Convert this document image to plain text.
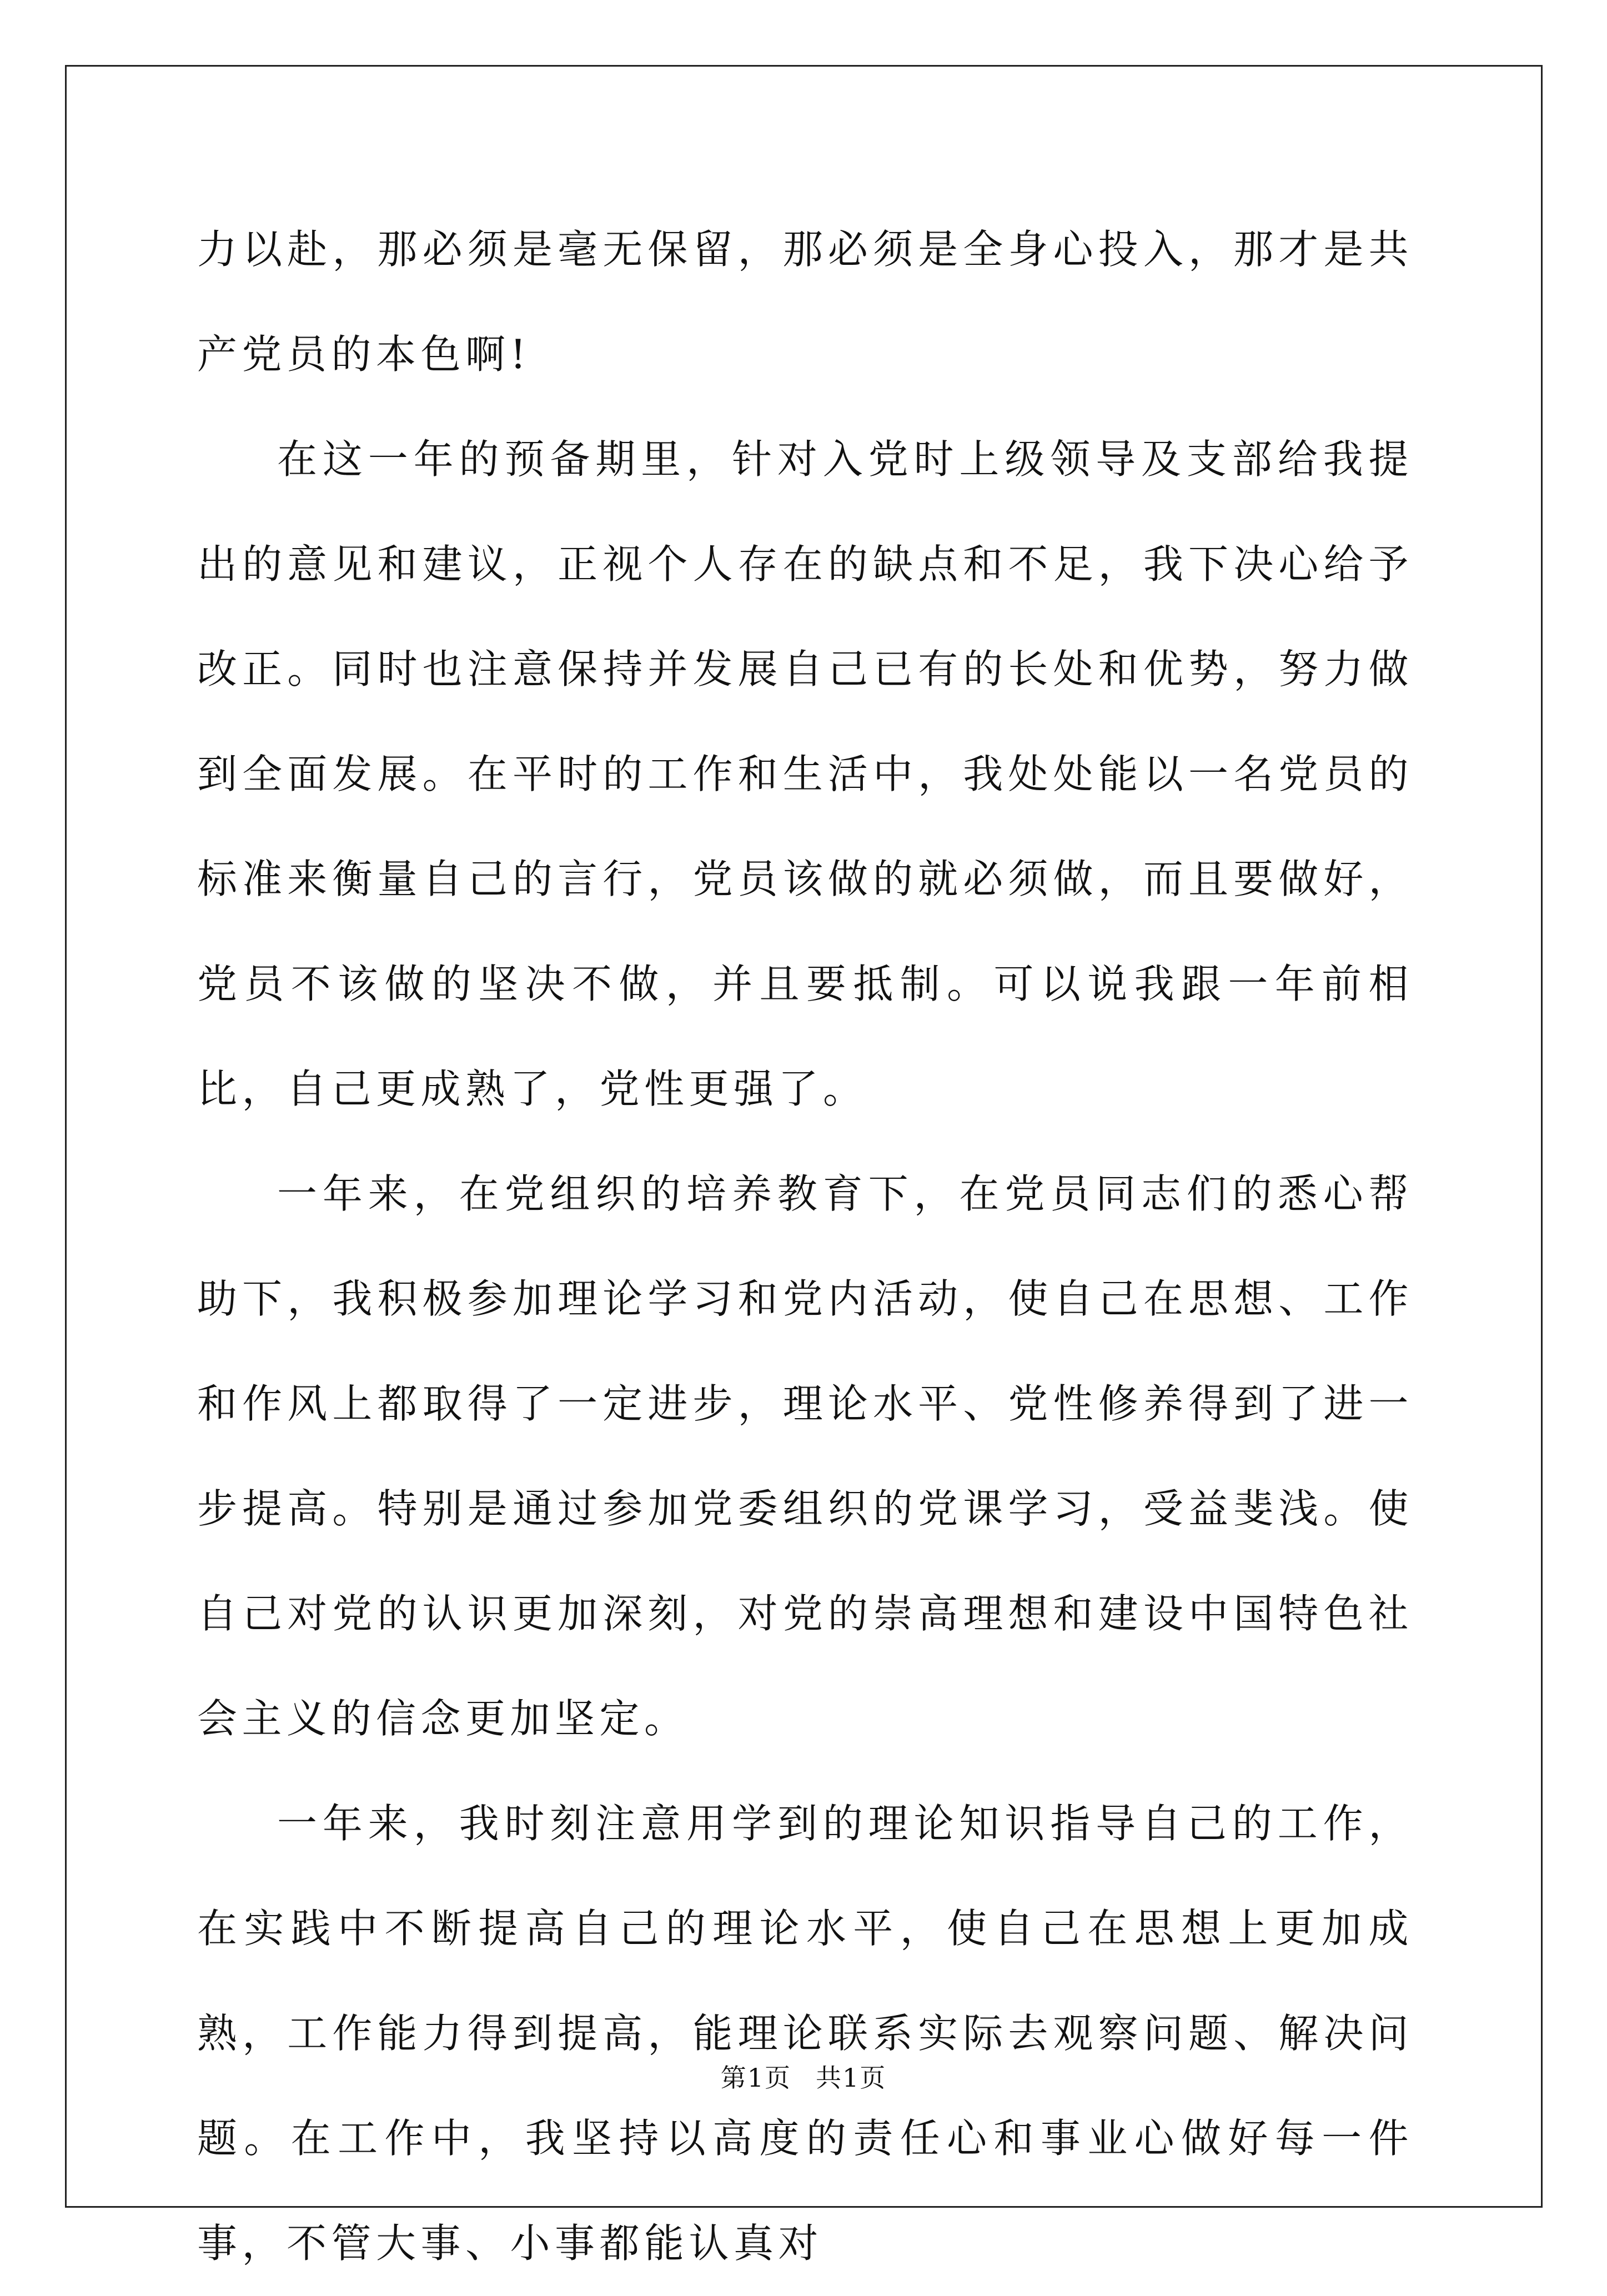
力以赴，那必须是毫无保留，那必须是全身心投入，那才是共产党员的本色啊!

在这一年的预备期里，针对入党时上级领导及支部给我提出的意见和建议，正视个人存在的缺点和不足，我下决心给予改正。同时也注意保持并发展自己已有的长处和优势，努力做到全面发展。在平时的工作和生活中，我处处能以一名党员的标准来衡量自己的言行，党员该做的就必须做，而且要做好，党员不该做的坚决不做，并且要抵制。可以说我跟一年前相比，自己更成熟了，党性更强了。

一年来，在党组织的培养教育下，在党员同志们的悉心帮助下，我积极参加理论学习和党内活动，使自己在思想、工作和作风上都取得了一定进步，理论水平、党性修养得到了进一步提高。特别是通过参加党委组织的党课学习，受益斐浅。使自己对党的认识更加深刻，对党的崇高理想和建设中国特色社会主义的信念更加坚定。

一年来，我时刻注意用学到的理论知识指导自己的工作，在实践中不断提高自己的理论水平，使自己在思想上更加成熟，工作能力得到提高，能理论联系实际去观察问题、解决问题。在工作中，我坚持以高度的责任心和事业心做好每一件事，不管大事、小事都能认真对

第1页 共1页
